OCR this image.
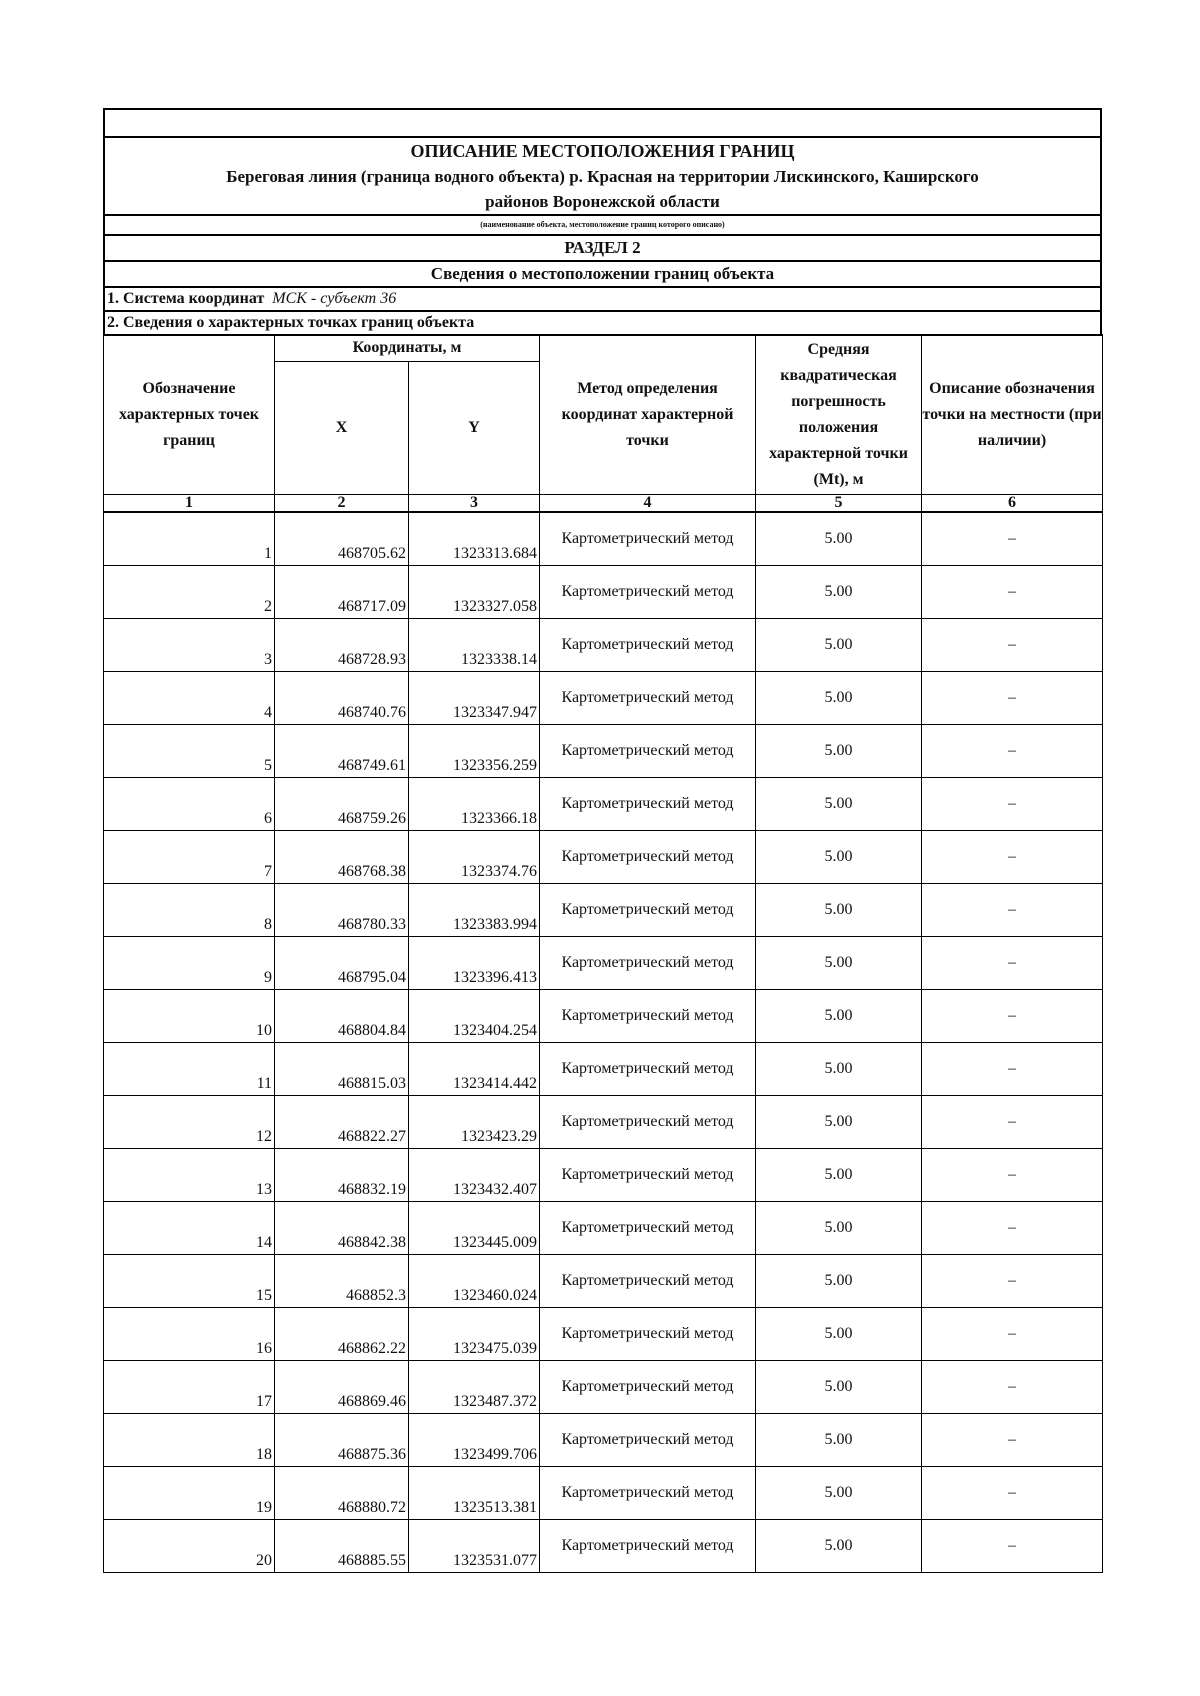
ОПИСАНИЕ МЕСТОПОЛОЖЕНИЯ ГРАНИЦ
Береговая линия (граница водного объекта) р. Красная на территории Лискинского, Каширского
районов Воронежской области

(наименование объекта, местоположение границ которого описано)
РАЗДЕЛ 2
Сведения о местоположении границ объекта
1. Система координат МСК - субъект 36
2. Сведения о характерных точках границ объекта
Обозначение характерных точек границ	Координаты, м		Метод определения координат характерной точки	Средняя квадратическая погрешность положения характерной точки (Mt), м	Описание обозначения точки на местности (при наличии)
	X	Y			
1	2	3	4	5	6
1	468705.62	1323313.684	Картометрический метод	5.00	–
2	468717.09	1323327.058	Картометрический метод	5.00	–
3	468728.93	1323338.14	Картометрический метод	5.00	–
4	468740.76	1323347.947	Картометрический метод	5.00	–
5	468749.61	1323356.259	Картометрический метод	5.00	–
6	468759.26	1323366.18	Картометрический метод	5.00	–
7	468768.38	1323374.76	Картометрический метод	5.00	–
8	468780.33	1323383.994	Картометрический метод	5.00	–
9	468795.04	1323396.413	Картометрический метод	5.00	–
10	468804.84	1323404.254	Картометрический метод	5.00	–
11	468815.03	1323414.442	Картометрический метод	5.00	–
12	468822.27	1323423.29	Картометрический метод	5.00	–
13	468832.19	1323432.407	Картометрический метод	5.00	–
14	468842.38	1323445.009	Картометрический метод	5.00	–
15	468852.3	1323460.024	Картометрический метод	5.00	–
16	468862.22	1323475.039	Картометрический метод	5.00	–
17	468869.46	1323487.372	Картометрический метод	5.00	–
18	468875.36	1323499.706	Картометрический метод	5.00	–
19	468880.72	1323513.381	Картометрический метод	5.00	–
20	468885.55	1323531.077	Картометрический метод	5.00	–
